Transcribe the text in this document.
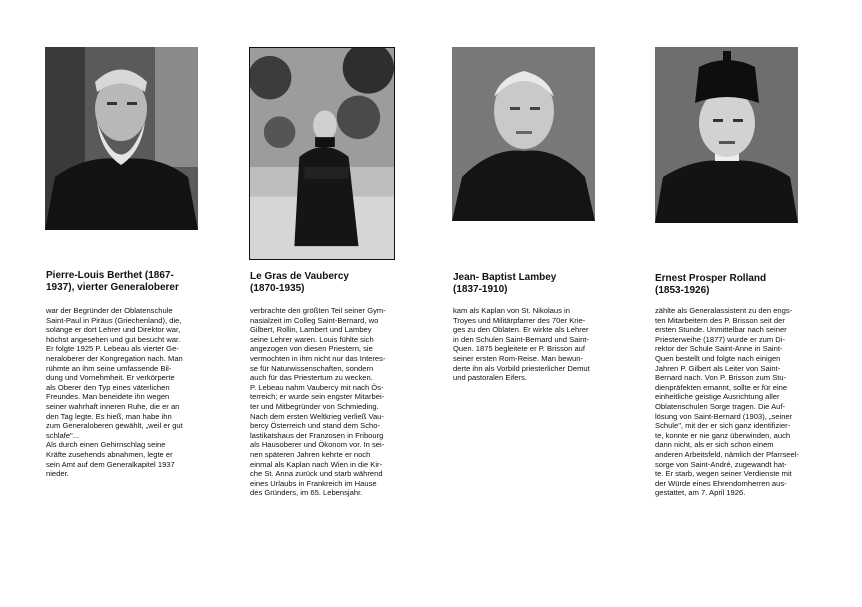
Pierre-Louis Berthet (1867-
1937), vierter Generaloberer
Le Gras de Vaubercy
(1870-1935)
Jean- Baptist Lambey
(1837-1910)
Ernest Prosper Rolland
(1853-1926)
war der Begründer der Oblatenschule
Saint-Paul in Piräus (Griechenland), die,
solange er dort Lehrer und Direktor war,
höchst angesehen und gut besucht war.
Er folgte 1925 P. Lebeau als vierter Ge-
neraloberer der Kongregation nach. Man
rühmte an ihm seine umfassende Bil-
dung und Vornehmheit. Er verkörperte
als Oberer den Typ eines väterlichen
Freundes. Man beneidete ihn wegen
seiner wahrhaft inneren Ruhe, die er an
den Tag legte. Es hieß, man habe ihn
zum Generaloberen gewählt, „weil er gut
schlafe"...
Als durch einen Gehirnschlag seine
Kräfte zusehends abnahmen, legte er
sein Amt auf dem Generalkapitel 1937
nieder.
verbrachte den größten Teil seiner Gym-
nasialzeit im Colleg Saint-Bernard, wo
Gilbert, Rollin, Lambert und Lambey
seine Lehrer waren. Louis fühlte sich
angezogen von diesen Priestern, sie
vermochten in ihm nicht nur das Interes-
se für Naturwissenschaften, sondern
auch für das Priestertum zu wecken.
P. Lebeau nahm Vaubercy mit nach Ös-
terreich; er wurde sein engster Mitarbei-
ter und Mitbegründer von Schmieding.
Nach dem ersten Weltkrieg verließ Vau-
bercy Österreich und stand dem Scho-
lastikatshaus der Franzosen in Fribourg
als Hausoberer und Ökonom vor. In sei-
nen späteren Jahren kehrte er noch
einmal als Kaplan nach Wien in die Kir-
che St. Anna zurück und starb während
eines Urlaubs in Frankreich im Hause
des Gründers, im 65. Lebensjahr.
kam als Kaplan von St. Nikolaus in
Troyes und Militärpfarrer des 70er Krie-
ges zu den Oblaten. Er wirkte als Lehrer
in den Schulen Saint-Bernard und Saint-
Quen. 1875 begleitete er P. Brisson auf
seiner ersten Rom-Reise. Man bewun-
derte ihn als Vorbild priesterlicher Demut
und pastoralen Eifers.
zählte als Generalassistent zu den engs-
ten Mitarbeitern des P. Brisson seit der
ersten Stunde. Unmittelbar nach seiner
Priesterweihe (1877) wurde er zum Di-
rektor der Schule Saint-Anne in Saint-
Quen bestellt und folgte nach einigen
Jahren P. Gilbert als Leiter von Saint-
Bernard nach. Von P. Brisson zum Stu-
dienpräfekten ernannt, sollte er für eine
einheitliche geistige Ausrichtung aller
Oblatenschulen Sorge tragen. Die Auf-
lösung von Saint-Bernard (1903), „seiner
Schule", mit der er sich ganz identifizier-
te, konnte er nie ganz überwinden, auch
dann nicht, als er sich schon einem
anderen Arbeitsfeld, nämlich der Pfarrseel-
sorge von Saint-André, zugewandt hat-
te. Er starb, wegen seiner Verdienste mit
der Würde eines Ehrendomherren aus-
gestattet, am 7. April 1926.
